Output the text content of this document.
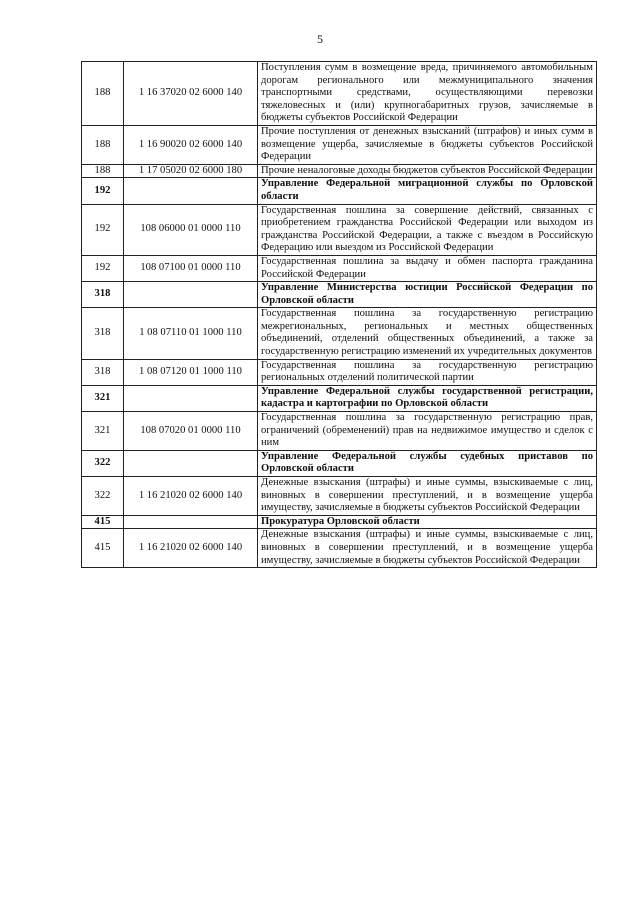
5
188	1 16 37020 02 6000 140	Поступления сумм в возмещение вреда, причиняемого автомобильным дорогам регионального или межмуниципального значения транспортными средствами, осуществляющими перевозки тяжеловесных и (или) крупногабаритных грузов, зачисляемые в бюджеты субъектов Российской Федерации
188	1 16 90020 02 6000 140	Прочие поступления от денежных взысканий (штрафов) и иных сумм в возмещение ущерба, зачисляемые в бюджеты субъектов Российской Федерации
188	1 17 05020 02 6000 180	Прочие неналоговые доходы бюджетов субъектов Российской Федерации
192		Управление Федеральной миграционной службы по Орловской области
192	108 06000 01 0000 110	Государственная пошлина за совершение действий, связанных с приобретением гражданства Российской Федерации или выходом из гражданства Российской Федерации, а также с въездом в Российскую Федерацию или выездом из Российской Федерации
192	108 07100 01 0000 110	Государственная пошлина за выдачу и обмен паспорта гражданина Российской Федерации
318		Управление Министерства юстиции Российской Федерации по Орловской области
318	1 08 07110 01 1000 110	Государственная пошлина за государственную регистрацию межрегиональных, региональных и местных общественных объединений, отделений общественных объединений, а также за государственную регистрацию изменений их учредительных документов
318	1 08 07120 01 1000 110	Государственная пошлина за государственную регистрацию региональных отделений политической партии
321		Управление Федеральной службы государственной регистрации, кадастра и картографии по Орловской области
321	108 07020 01 0000 110	Государственная пошлина за государственную регистрацию прав, ограничений (обременений) прав на недвижимое имущество и сделок с ним
322		Управление Федеральной службы судебных приставов по Орловской области
322	1 16 21020 02 6000 140	Денежные взыскания (штрафы) и иные суммы, взыскиваемые с лиц, виновных в совершении преступлений, и в возмещение ущерба имуществу, зачисляемые в бюджеты субъектов Российской Федерации
415		Прокуратура Орловской области
415	1 16 21020 02 6000 140	Денежные взыскания (штрафы) и иные суммы, взыскиваемые с лиц, виновных в совершении преступлений, и в возмещение ущерба имуществу, зачисляемые в бюджеты субъектов Российской Федерации
